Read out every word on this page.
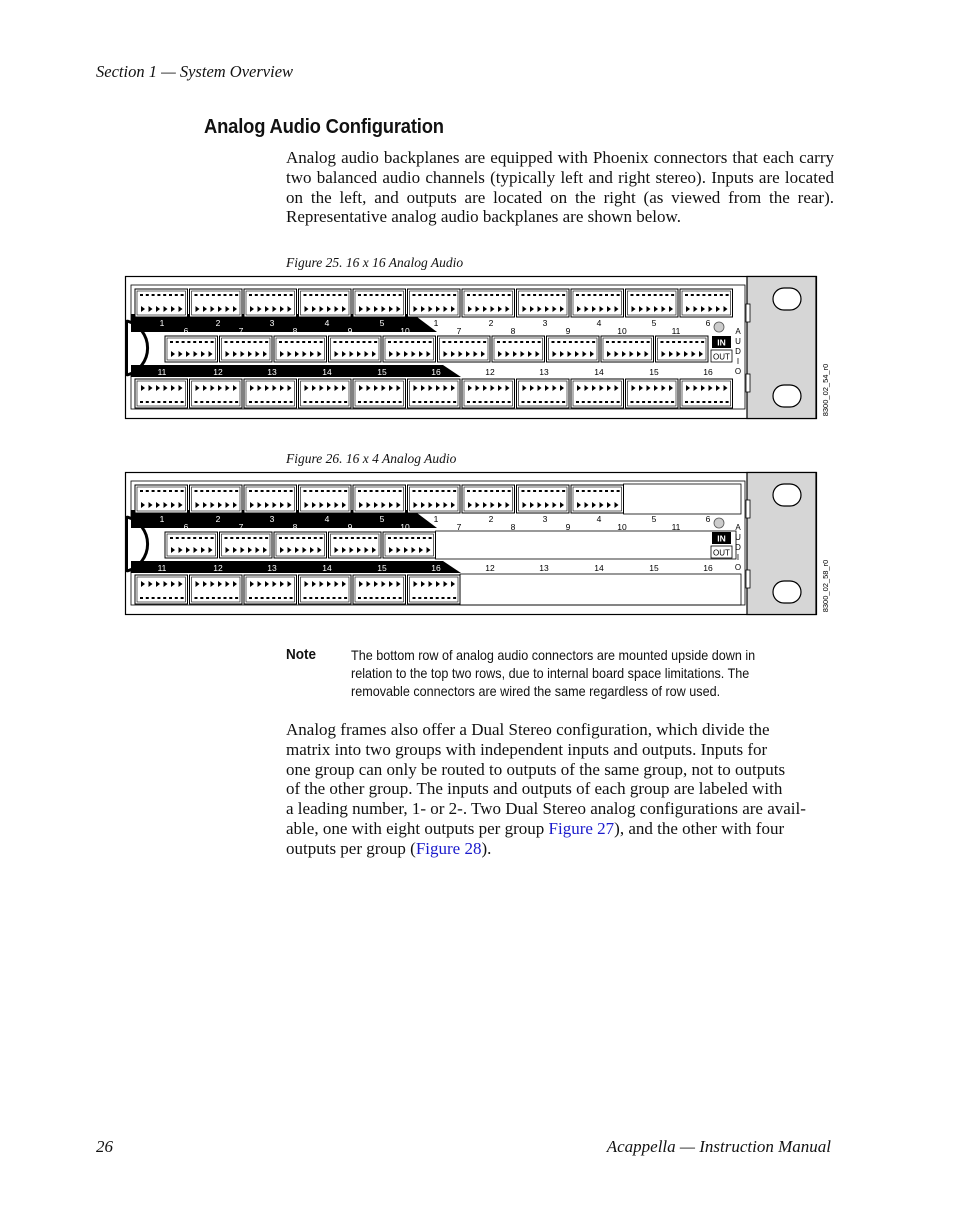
Section 1 — System Overview
Analog Audio Configuration

Analog audio backplanes are equipped with Phoenix connectors that each carry two balanced audio channels (typically left and right stereo). Inputs are located on the left, and outputs are located on the right (as viewed from the rear). Representative analog audio backplanes are shown below.

Figure 25. 16 x 16 Analog Audio
1	2	3	4	5	1	2	3	4	5	6
6	7	8	9	10	7	8	9	10	11
11	12	13	14	15	16	12	13	14	15	16
IN
OUT
A
U
D
I
O	8300_02_54_r0
Figure 26. 16 x 4 Analog Audio
1	2	3	4	5	1	2	3	4	5	6
6	7	8	9	10	7	8	9	10	11
11	12	13	14	15	16	12	13	14	15	16
IN
OUT
A
U
D
I
O	8300_02_58_r0
Note The bottom row of analog audio connectors are mounted upside down in

relation to the top two rows, due to internal board space limitations. The

removable connectors are wired the same regardless of row used.

Analog frames also offer a Dual Stereo configuration, which divide the

matrix into two groups with independent inputs and outputs. Inputs for

one group can only be routed to outputs of the same group, not to outputs

of the other group. The inputs and outputs of each group are labeled with

a leading number, 1- or 2-. Two Dual Stereo analog configurations are avail-

able, one with eight outputs per group Figure 27), and the other with four

outputs per group (Figure 28).

26	Acappella — Instruction Manual
